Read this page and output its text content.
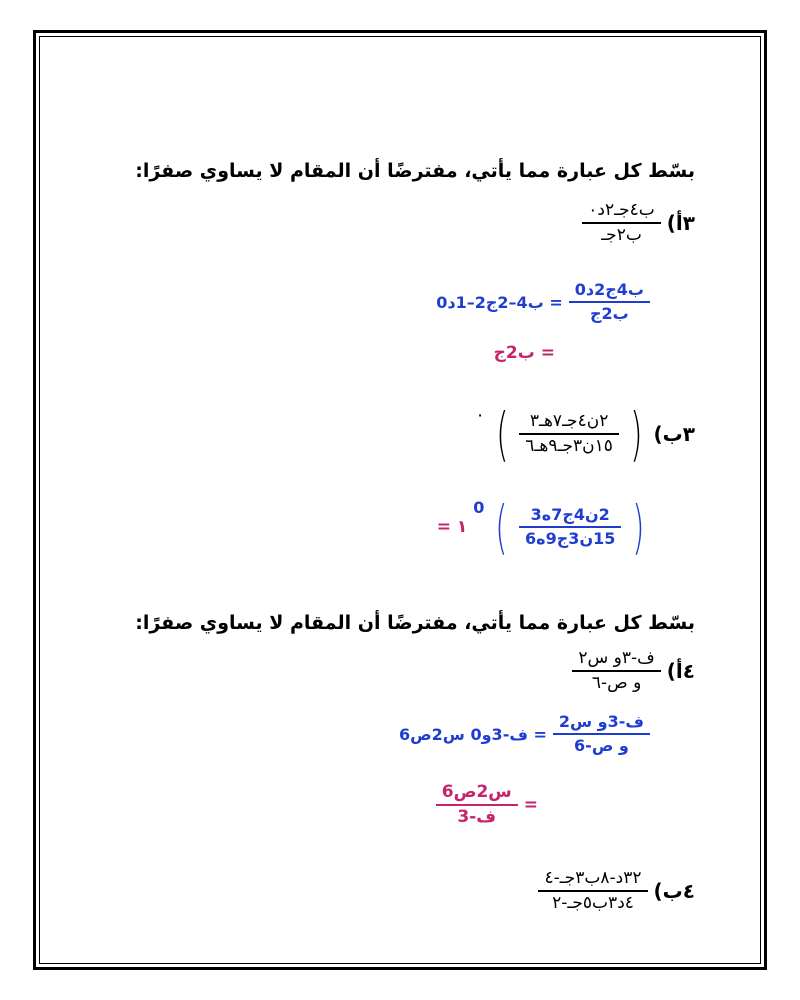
بسّط كل عبارة مما يأتي، مفترضًا أن المقام لا يساوي صفرًا:
٣أ)
$\frac{\text{ب٤جـ٢د٠}}{\text{ب٢جـ}}$
$\frac{\text{ب4ج2د0}}{\text{ب2ج}}$
= ب4–2ج2–1د0
= ب2ج
٣ب)
(
$\frac{\text{٢ن٤جـ٧هـ٣}}{\text{١٥ن٣جـ٩هـ٦}}$
)
٠
(
$\frac{\text{2ن4ج7ه3}}{\text{15ن3ج9ه6}}$
)
0
= ١
بسّط كل عبارة مما يأتي، مفترضًا أن المقام لا يساوي صفرًا:
٤أ)
$\frac{\text{ف-٣و س٢}}{\text{و ص-٦}}$
$\frac{\text{ف-3و س2}}{\text{و ص-6}}$
= ف-3و0 س2ص6
=
$\frac{\text{س2ص6}}{\text{ف-3}}$
٤ب)
$\frac{\text{٣٢د-٨ب٣جـ-٤}}{\text{٤د٣ب٥جـ-٢}}$
